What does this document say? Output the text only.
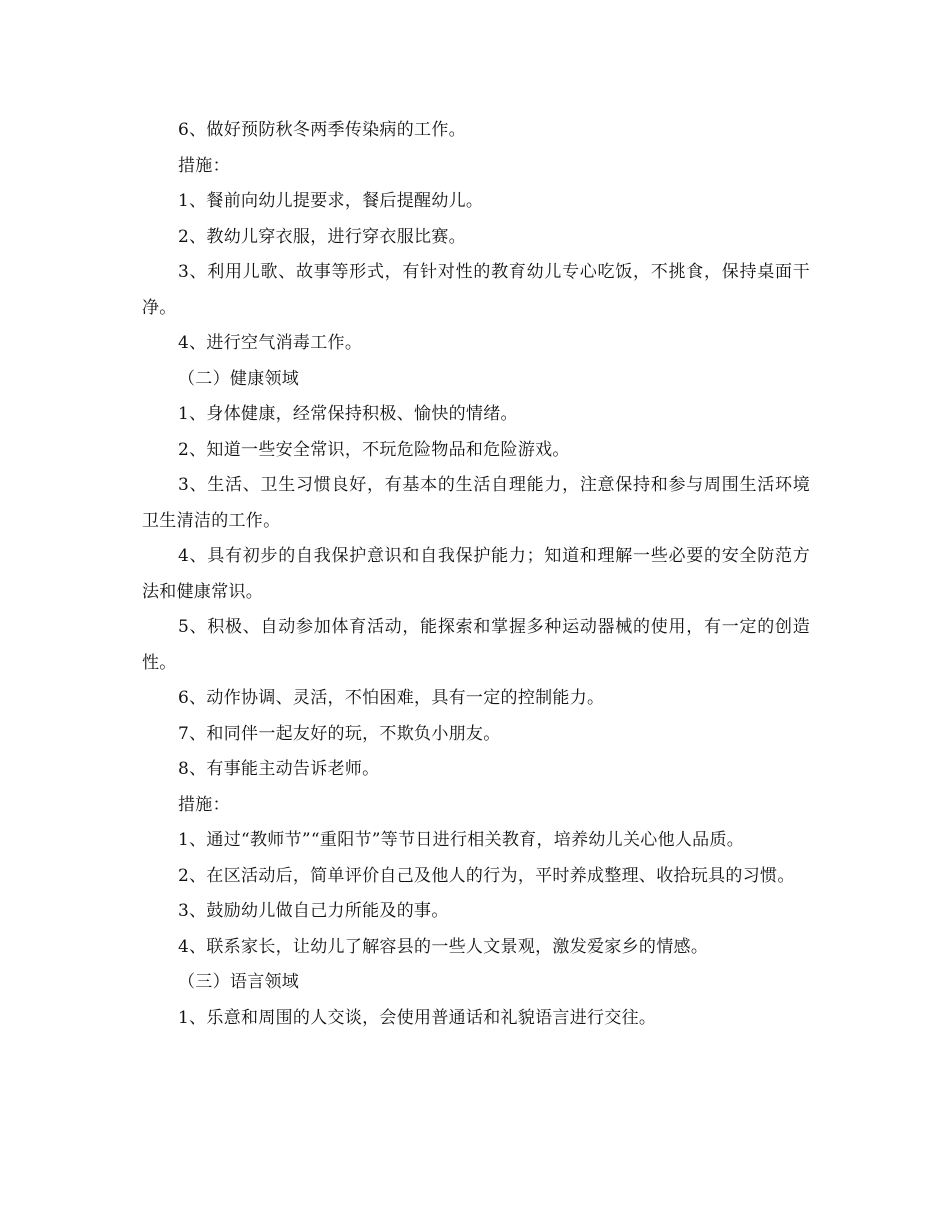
6、做好预防秋冬两季传染病的工作。

措施：

1、餐前向幼儿提要求，餐后提醒幼儿。

2、教幼儿穿衣服，进行穿衣服比赛。

3、利用儿歌、故事等形式，有针对性的教育幼儿专心吃饭，不挑食，保持桌面干净。

4、进行空气消毒工作。

（二）健康领域

1、身体健康，经常保持积极、愉快的情绪。

2、知道一些安全常识，不玩危险物品和危险游戏。

3、生活、卫生习惯良好，有基本的生活自理能力，注意保持和参与周围生活环境卫生清洁的工作。

4、具有初步的自我保护意识和自我保护能力；知道和理解一些必要的安全防范方法和健康常识。

5、积极、自动参加体育活动，能探索和掌握多种运动器械的使用，有一定的创造性。

6、动作协调、灵活，不怕困难，具有一定的控制能力。

7、和同伴一起友好的玩，不欺负小朋友。

8、有事能主动告诉老师。

措施：

1、通过“教师节”“重阳节”等节日进行相关教育，培养幼儿关心他人品质。

2、在区活动后，简单评价自己及他人的行为，平时养成整理、收拾玩具的习惯。

3、鼓励幼儿做自己力所能及的事。

4、联系家长，让幼儿了解容县的一些人文景观，激发爱家乡的情感。

（三）语言领域

1、乐意和周围的人交谈，会使用普通话和礼貌语言进行交往。
